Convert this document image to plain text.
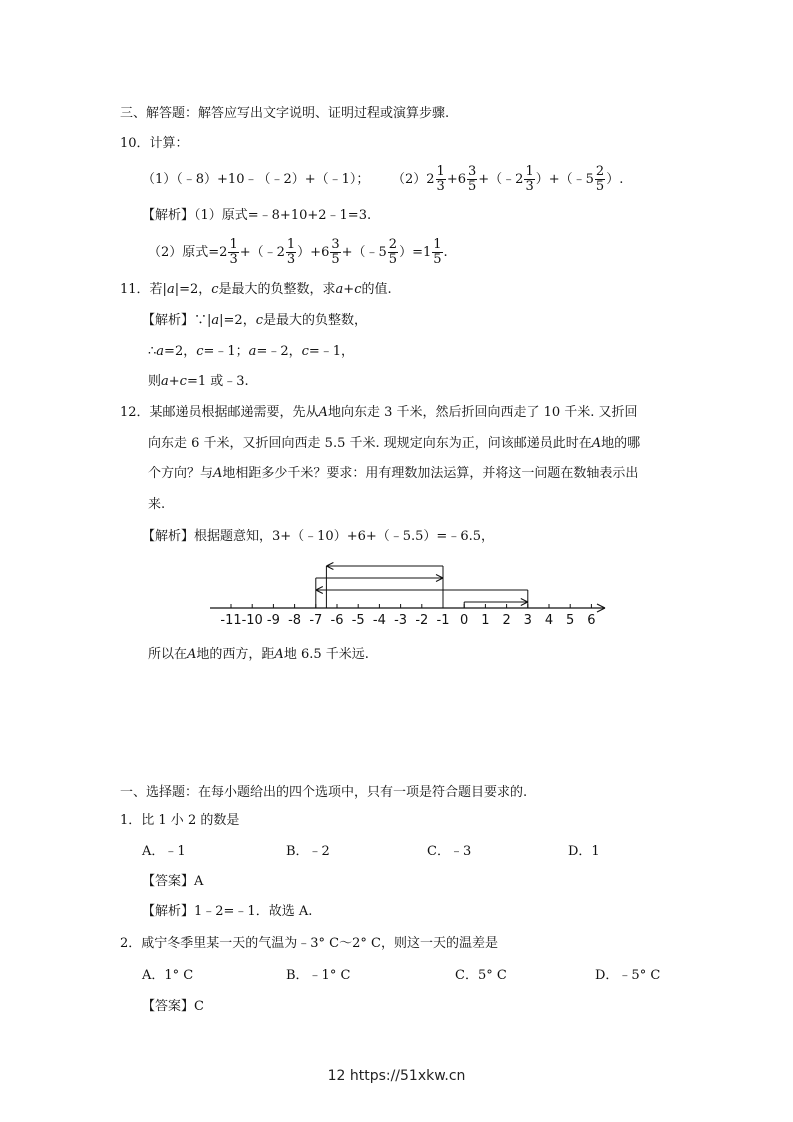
三、解答题：解答应写出文字说明、证明过程或演算步骤.
10．计算：
（1）（﹣8）+10﹣（﹣2）+（﹣1）； $(2)2 \frac{1}{3} +6 \frac{3}{5}$ +（﹣2 $\frac{1}{3}$ ）+（﹣5 $\frac{2}{5}$ ）.
【解析】（1）原式=﹣8+10+2﹣1=3.
（2）原式$=2 \frac{1}{3}$ +（﹣2 $\frac{1}{3} )+6 \frac{3}{5}$ +（﹣5 $\frac{2}{5} )=1 \frac{1}{5}$ .
11．若|a|=2，c是最大的负整数，求a+c的值.
【解析】∵|a|=2，c是最大的负整数，
∴a=2，c=﹣1；a=﹣2，c=﹣1，
则a+c=1 或﹣3.
12．某邮递员根据邮递需要，先从A地向东走 3 千米，然后折回向西走了 10 千米. 又折回
向东走 6 千米，又折回向西走 5.5 千米. 现规定向东为正，问该邮递员此时在A地的哪
个方向？与A地相距多少千米？要求：用有理数加法运算，并将这一问题在数轴表示出
来.
【解析】根据题意知，3+（﹣10）+6+（﹣5.5）=﹣6.5，
-11 -10 -9 -8 -7 -6 -5 -4 -3 -2 -1 0 1 2 3 4 5 6
所以在A地的西方，距A地 6.5 千米远.
一、选择题：在每小题给出的四个选项中，只有一项是符合题目要求的.
1．比 1 小 2 的数是
A．﹣1	B．﹣2	C．﹣3	D．1
【答案】A
【解析】1﹣2=﹣1．故选 A.
2．咸宁冬季里某一天的气温为﹣3° C～2° C，则这一天的温差是
A．1° C	B．﹣1° C	C．5° C	D．﹣5° C
【答案】C
12 https://51xkw.cn
